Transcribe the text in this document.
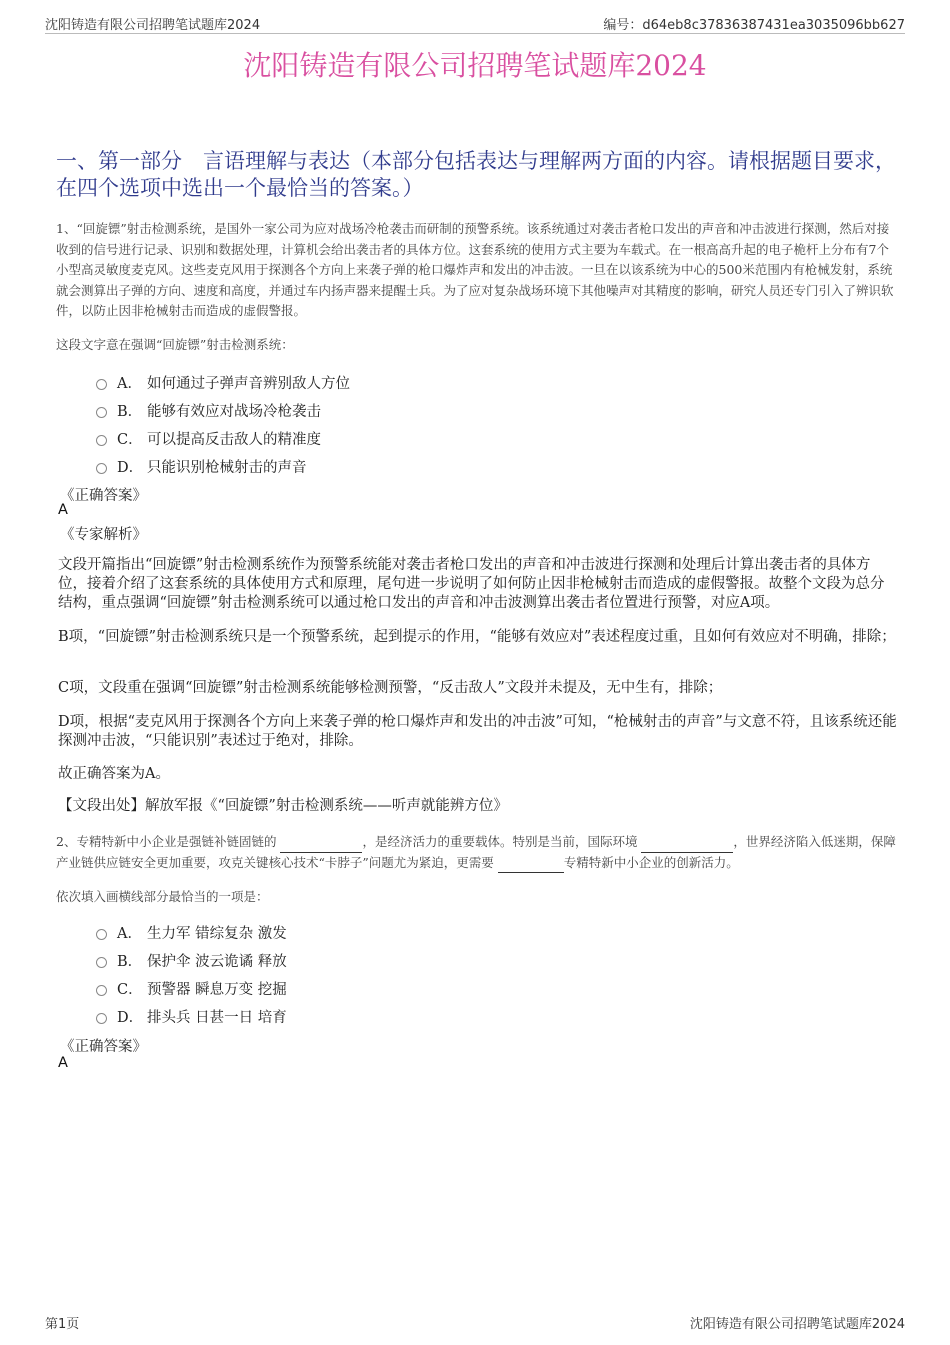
沈阳铸造有限公司招聘笔试题库2024	编号：d64eb8c37836387431ea3035096bb627
沈阳铸造有限公司招聘笔试题库2024
一、第一部分　言语理解与表达（本部分包括表达与理解两方面的内容。请根据题目要求，在四个选项中选出一个最恰当的答案。）
1、“回旋镖”射击检测系统，是国外一家公司为应对战场冷枪袭击而研制的预警系统。该系统通过对袭击者枪口发出的声音和冲击波进行探测，然后对接收到的信号进行记录、识别和数据处理，计算机会给出袭击者的具体方位。这套系统的使用方式主要为车载式。在一根高高升起的电子桅杆上分布有7个小型高灵敏度麦克风。这些麦克风用于探测各个方向上来袭子弹的枪口爆炸声和发出的冲击波。一旦在以该系统为中心的500米范围内有枪械发射，系统就会测算出子弹的方向、速度和高度，并通过车内扬声器来提醒士兵。为了应对复杂战场环境下其他噪声对其精度的影响，研究人员还专门引入了辨识软件，以防止因非枪械射击而造成的虚假警报。
这段文字意在强调“回旋镖”射击检测系统：
A． 如何通过子弹声音辨别敌人方位
B． 能够有效应对战场冷枪袭击
C． 可以提高反击敌人的精准度
D． 只能识别枪械射击的声音
《正确答案》
A
《专家解析》
文段开篇指出“回旋镖”射击检测系统作为预警系统能对袭击者枪口发出的声音和冲击波进行探测和处理后计算出袭击者的具体方位，接着介绍了这套系统的具体使用方式和原理，尾句进一步说明了如何防止因非枪械射击而造成的虚假警报。故整个文段为总分结构，重点强调“回旋镖”射击检测系统可以通过枪口发出的声音和冲击波测算出袭击者位置进行预警，对应A项。
B项，“回旋镖”射击检测系统只是一个预警系统，起到提示的作用，“能够有效应对”表述程度过重，且如何有效应对不明确，排除；
C项，文段重在强调“回旋镖”射击检测系统能够检测预警，“反击敌人”文段并未提及，无中生有，排除；
D项，根据“麦克风用于探测各个方向上来袭子弹的枪口爆炸声和发出的冲击波”可知，“枪械射击的声音”与文意不符，且该系统还能探测冲击波，“只能识别”表述过于绝对，排除。
故正确答案为A。
【文段出处】解放军报《“回旋镖”射击检测系统——听声就能辨方位》
2、专精特新中小企业是强链补链固链的	，是经济活力的重要载体。特别是当前，国际环境	，世界经济陷入低迷期，保障产业链供应链安全更加重要，攻克关键核心技术“卡脖子”问题尤为紧迫，更需要	专精特新中小企业的创新活力。
依次填入画横线部分最恰当的一项是：
A． 生力军 错综复杂 激发
B． 保护伞 波云诡谲 释放
C． 预警器 瞬息万变 挖掘
D． 排头兵 日甚一日 培育
《正确答案》
A
第1页	沈阳铸造有限公司招聘笔试题库2024
